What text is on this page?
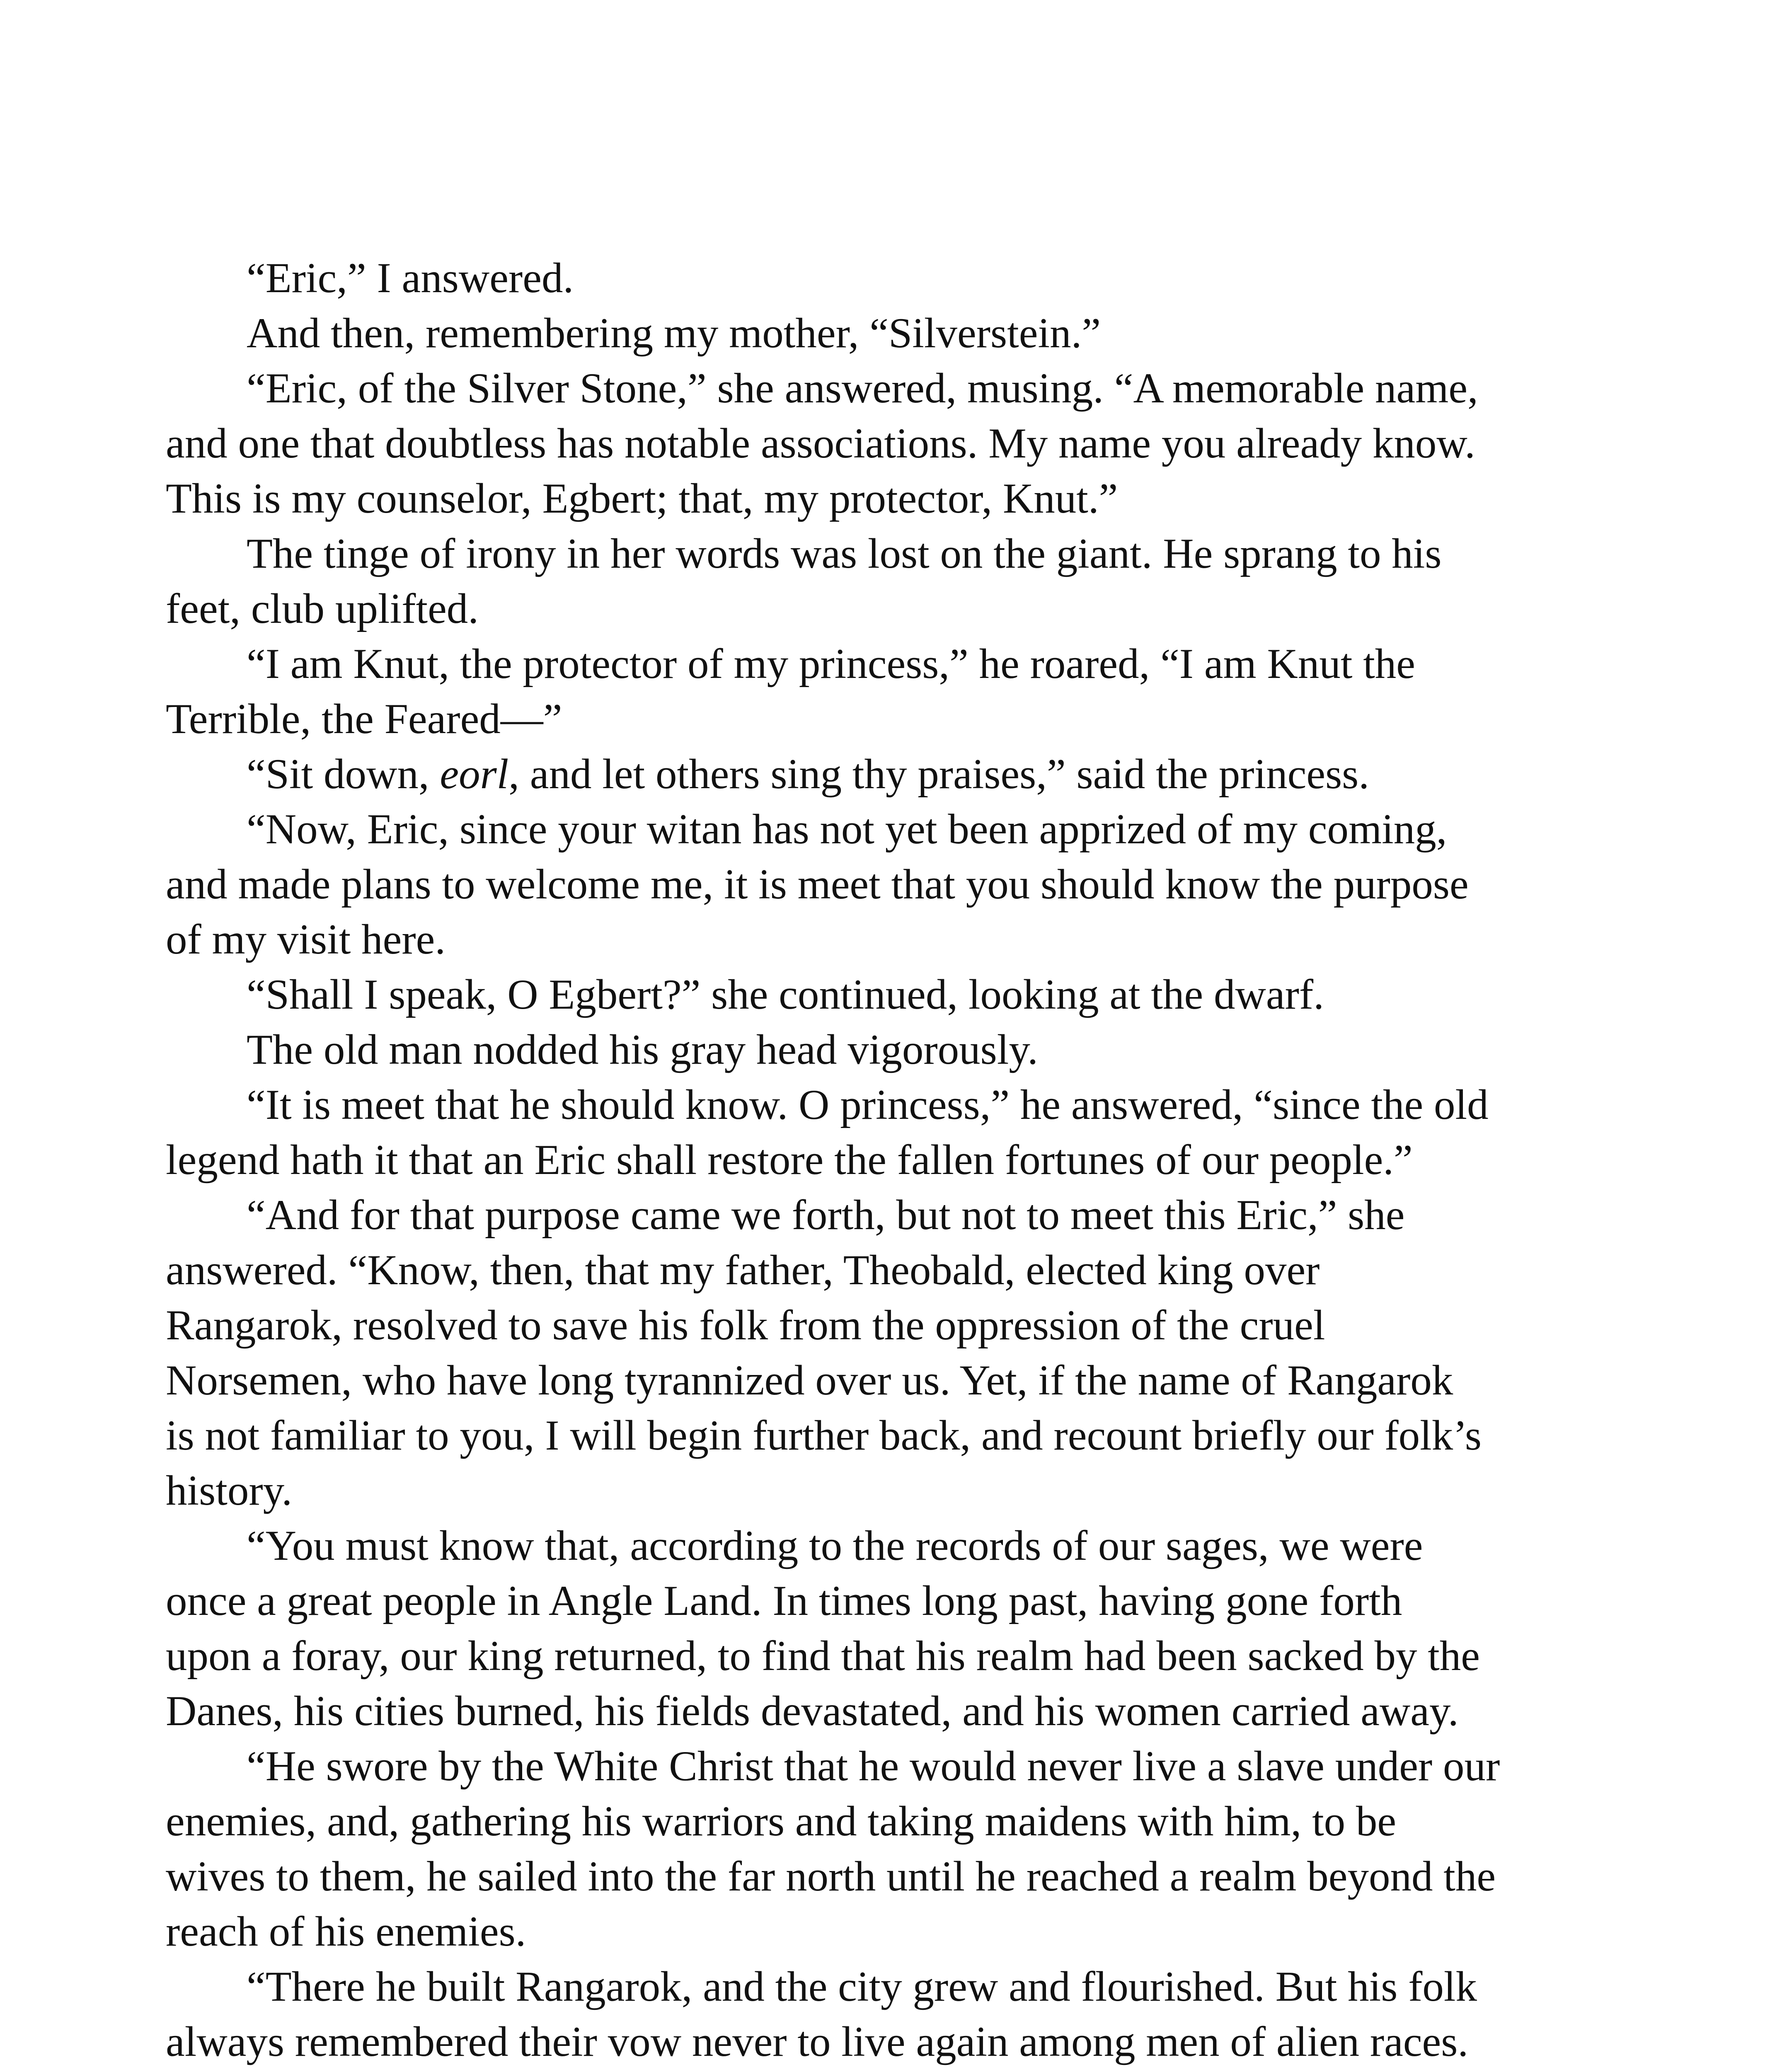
“Eric,” I answered.

And then, remembering my mother, “Silverstein.”

“Eric, of the Silver Stone,” she answered, musing. “A memorable name,
and one that doubtless has notable associations. My name you already know.
This is my counselor, Egbert; that, my protector, Knut.”

The tinge of irony in her words was lost on the giant. He sprang to his
feet, club uplifted.

“I am Knut, the protector of my princess,” he roared, “I am Knut the
Terrible, the Feared—”

“Sit down, eorl, and let others sing thy praises,” said the princess.

“Now, Eric, since your witan has not yet been apprized of my coming,
and made plans to welcome me, it is meet that you should know the purpose
of my visit here.

“Shall I speak, O Egbert?” she continued, looking at the dwarf.

The old man nodded his gray head vigorously.

“It is meet that he should know. O princess,” he answered, “since the old
legend hath it that an Eric shall restore the fallen fortunes of our people.”

“And for that purpose came we forth, but not to meet this Eric,” she
answered. “Know, then, that my father, Theobald, elected king over
Rangarok, resolved to save his folk from the oppression of the cruel
Norsemen, who have long tyrannized over us. Yet, if the name of Rangarok
is not familiar to you, I will begin further back, and recount briefly our folk’s
history.

“You must know that, according to the records of our sages, we were
once a great people in Angle Land. In times long past, having gone forth
upon a foray, our king returned, to find that his realm had been sacked by the
Danes, his cities burned, his fields devastated, and his women carried away.

“He swore by the White Christ that he would never live a slave under our
enemies, and, gathering his warriors and taking maidens with him, to be
wives to them, he sailed into the far north until he reached a realm beyond the
reach of his enemies.

“There he built Rangarok, and the city grew and flourished. But his folk
always remembered their vow never to live again among men of alien races.
